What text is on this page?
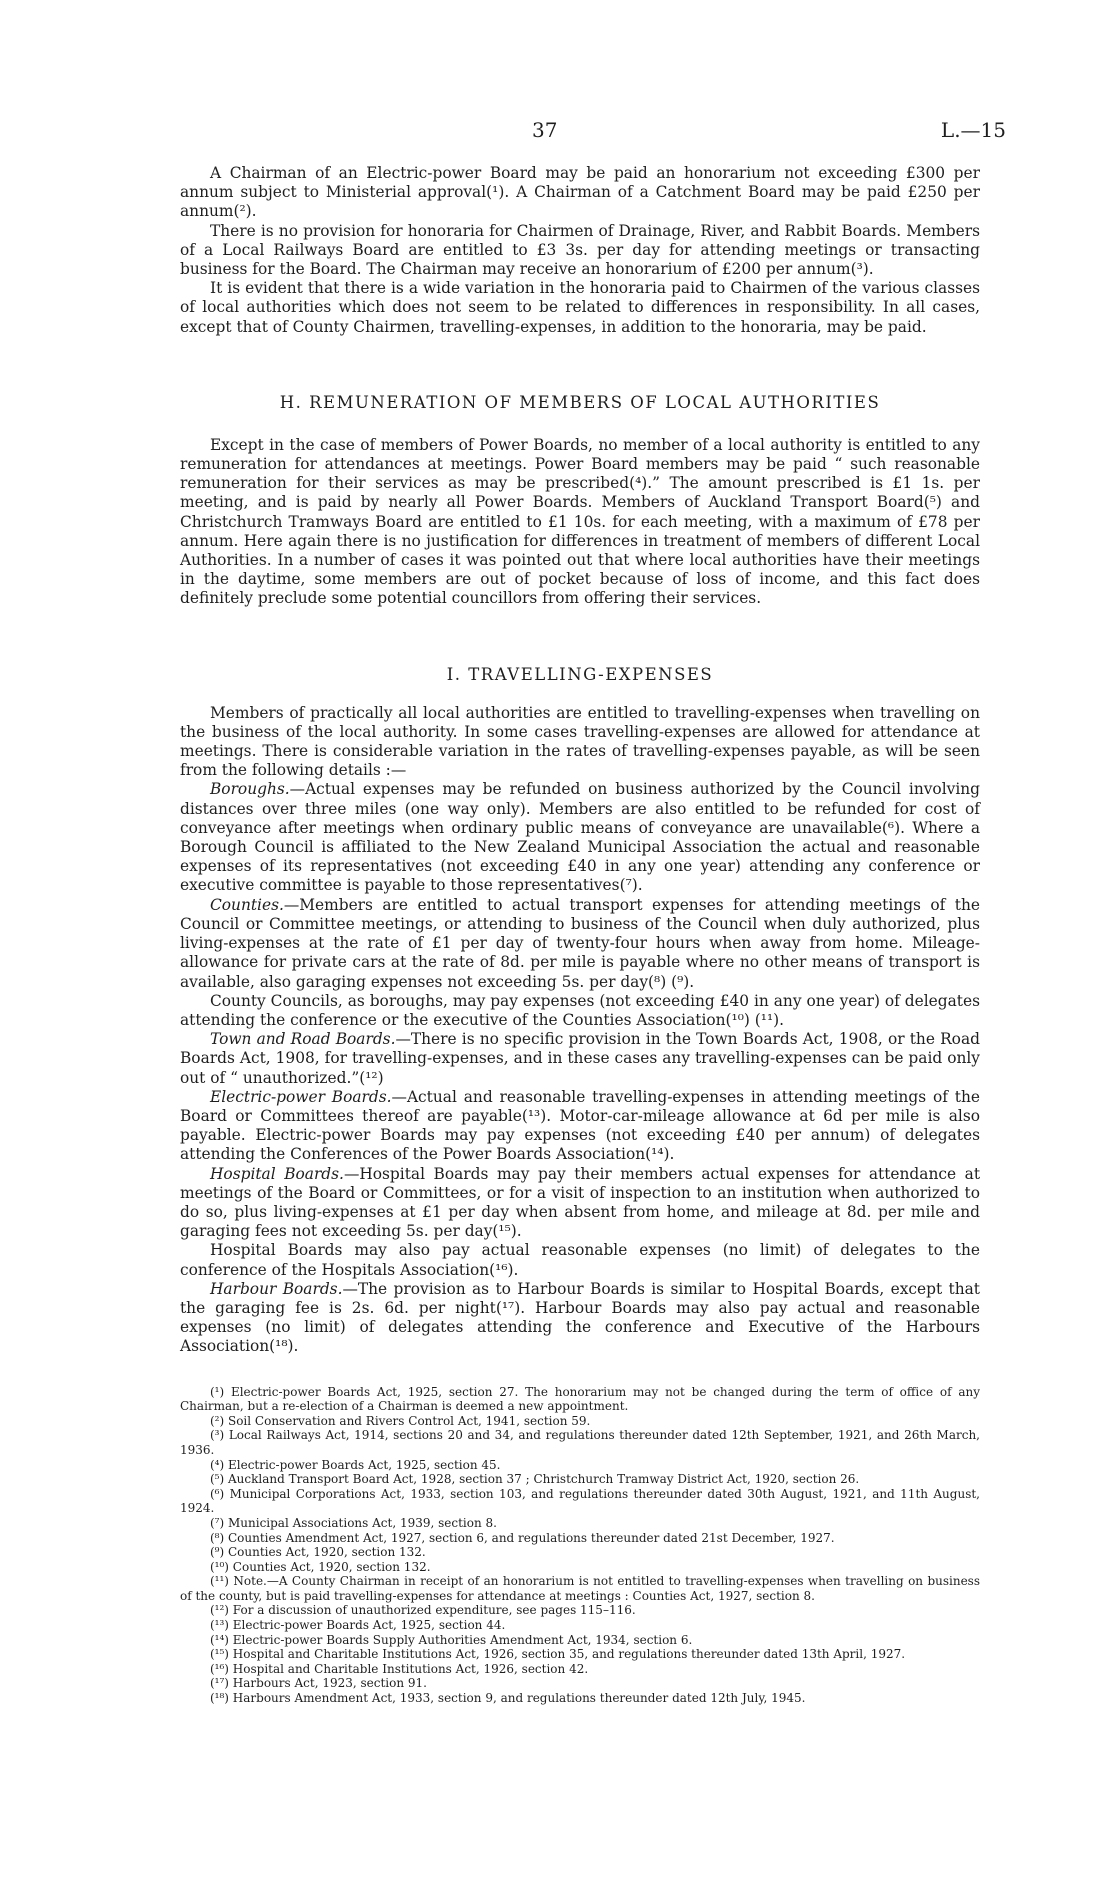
37	L.—15

A Chairman of an Electric-power Board may be paid an honorarium not exceeding £300 per annum subject to Ministerial approval(¹). A Chairman of a Catchment Board may be paid £250 per annum(²).

There is no provision for honoraria for Chairmen of Drainage, River, and Rabbit Boards. Members of a Local Railways Board are entitled to £3 3s. per day for attending meetings or transacting business for the Board. The Chairman may receive an honorarium of £200 per annum(³).

It is evident that there is a wide variation in the honoraria paid to Chairmen of the various classes of local authorities which does not seem to be related to differences in responsibility. In all cases, except that of County Chairmen, travelling-expenses, in addition to the honoraria, may be paid.

H. REMUNERATION OF MEMBERS OF LOCAL AUTHORITIES

Except in the case of members of Power Boards, no member of a local authority is entitled to any remuneration for attendances at meetings. Power Board members may be paid “ such reasonable remuneration for their services as may be prescribed(⁴).” The amount prescribed is £1 1s. per meeting, and is paid by nearly all Power Boards. Members of Auckland Transport Board(⁵) and Christchurch Tramways Board are entitled to £1 10s. for each meeting, with a maximum of £78 per annum. Here again there is no justification for differences in treatment of members of different Local Authorities. In a number of cases it was pointed out that where local authorities have their meetings in the daytime, some members are out of pocket because of loss of income, and this fact does definitely preclude some potential councillors from offering their services.

I. TRAVELLING-EXPENSES

Members of practically all local authorities are entitled to travelling-expenses when travelling on the business of the local authority. In some cases travelling-expenses are allowed for attendance at meetings. There is considerable variation in the rates of travelling-expenses payable, as will be seen from the following details :—

Boroughs.—Actual expenses may be refunded on business authorized by the Council involving distances over three miles (one way only). Members are also entitled to be refunded for cost of conveyance after meetings when ordinary public means of conveyance are unavailable(⁶). Where a Borough Council is affiliated to the New Zealand Municipal Association the actual and reasonable expenses of its representatives (not exceeding £40 in any one year) attending any conference or executive committee is payable to those representatives(⁷).

Counties.—Members are entitled to actual transport expenses for attending meetings of the Council or Committee meetings, or attending to business of the Council when duly authorized, plus living-expenses at the rate of £1 per day of twenty-four hours when away from home. Mileage-allowance for private cars at the rate of 8d. per mile is payable where no other means of transport is available, also garaging expenses not exceeding 5s. per day(⁸) (⁹).

County Councils, as boroughs, may pay expenses (not exceeding £40 in any one year) of delegates attending the conference or the executive of the Counties Association(¹⁰) (¹¹).

Town and Road Boards.—There is no specific provision in the Town Boards Act, 1908, or the Road Boards Act, 1908, for travelling-expenses, and in these cases any travelling-expenses can be paid only out of “ unauthorized.”(¹²)

Electric-power Boards.—Actual and reasonable travelling-expenses in attending meetings of the Board or Committees thereof are payable(¹³). Motor-car-mileage allowance at 6d per mile is also payable. Electric-power Boards may pay expenses (not exceeding £40 per annum) of delegates attending the Conferences of the Power Boards Association(¹⁴).

Hospital Boards.—Hospital Boards may pay their members actual expenses for attendance at meetings of the Board or Committees, or for a visit of inspection to an institution when authorized to do so, plus living-expenses at £1 per day when absent from home, and mileage at 8d. per mile and garaging fees not exceeding 5s. per day(¹⁵).

Hospital Boards may also pay actual reasonable expenses (no limit) of delegates to the conference of the Hospitals Association(¹⁶).

Harbour Boards.—The provision as to Harbour Boards is similar to Hospital Boards, except that the garaging fee is 2s. 6d. per night(¹⁷). Harbour Boards may also pay actual and reasonable expenses (no limit) of delegates attending the conference and Executive of the Harbours Association(¹⁸).

(¹) Electric-power Boards Act, 1925, section 27. The honorarium may not be changed during the term of office of any Chairman, but a re-election of a Chairman is deemed a new appointment.

(²) Soil Conservation and Rivers Control Act, 1941, section 59.

(³) Local Railways Act, 1914, sections 20 and 34, and regulations thereunder dated 12th September, 1921, and 26th March, 1936.

(⁴) Electric-power Boards Act, 1925, section 45.

(⁵) Auckland Transport Board Act, 1928, section 37 ; Christchurch Tramway District Act, 1920, section 26.

(⁶) Municipal Corporations Act, 1933, section 103, and regulations thereunder dated 30th August, 1921, and 11th August, 1924.

(⁷) Municipal Associations Act, 1939, section 8.

(⁸) Counties Amendment Act, 1927, section 6, and regulations thereunder dated 21st December, 1927.

(⁹) Counties Act, 1920, section 132.

(¹⁰) Counties Act, 1920, section 132.

(¹¹) Note.—A County Chairman in receipt of an honorarium is not entitled to travelling-expenses when travelling on business of the county, but is paid travelling-expenses for attendance at meetings : Counties Act, 1927, section 8.

(¹²) For a discussion of unauthorized expenditure, see pages 115–116.

(¹³) Electric-power Boards Act, 1925, section 44.

(¹⁴) Electric-power Boards Supply Authorities Amendment Act, 1934, section 6.

(¹⁵) Hospital and Charitable Institutions Act, 1926, section 35, and regulations thereunder dated 13th April, 1927.

(¹⁶) Hospital and Charitable Institutions Act, 1926, section 42.

(¹⁷) Harbours Act, 1923, section 91.

(¹⁸) Harbours Amendment Act, 1933, section 9, and regulations thereunder dated 12th July, 1945.
